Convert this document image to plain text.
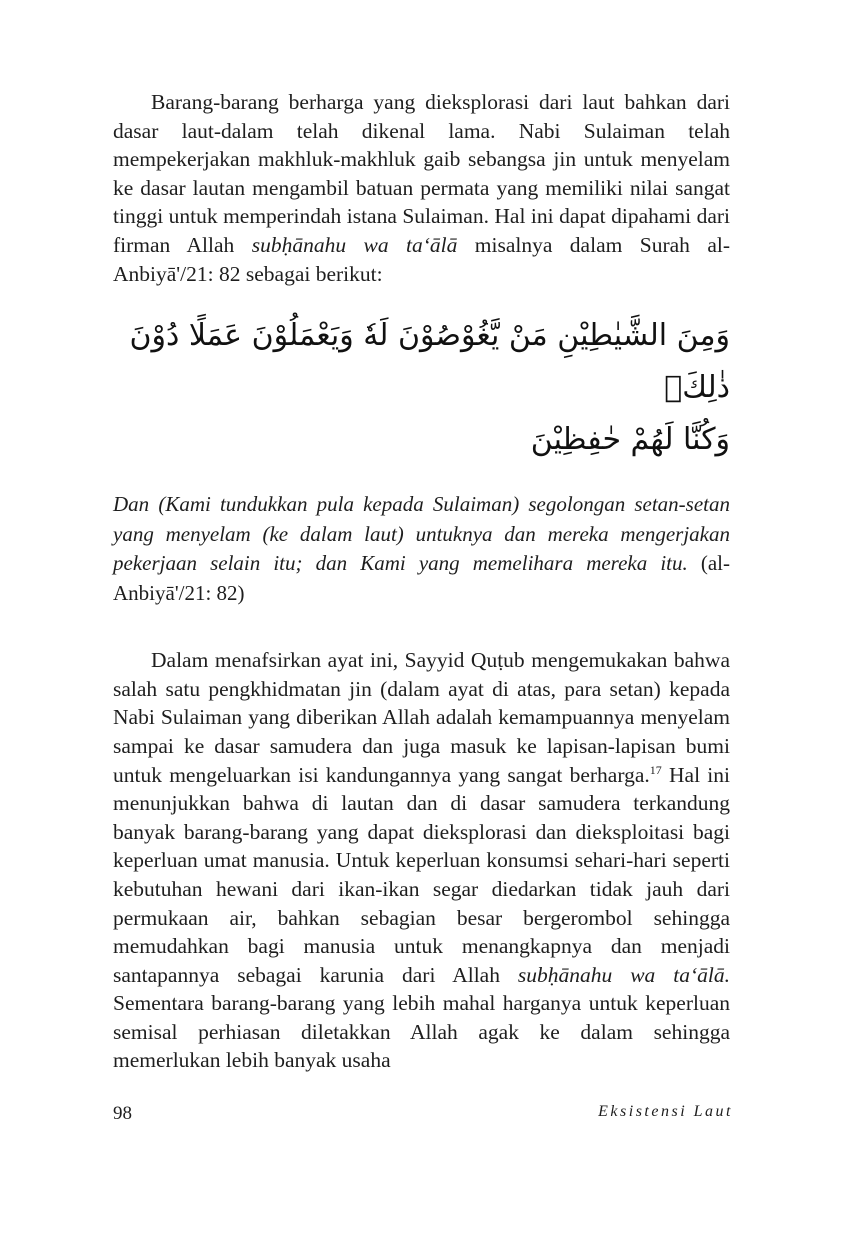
Barang-barang berharga yang dieksplorasi dari laut bahkan dari dasar laut-dalam telah dikenal lama. Nabi Sulaiman telah mempekerjakan makhluk-makhluk gaib sebangsa jin untuk menyelam ke dasar lautan mengambil batuan permata yang memiliki nilai sangat tinggi untuk memperindah istana Sulaiman. Hal ini dapat dipahami dari firman Allah subḥānahu wa ta‘ālā misalnya dalam Surah al-Anbiyā'/21: 82 sebagai berikut:

وَمِنَ الشَّيٰطِيْنِ مَنْ يَّغُوْصُوْنَ لَهٗ وَيَعْمَلُوْنَ عَمَلًا دُوْنَ ذٰلِكَۚ
وَكُنَّا لَهُمْ حٰفِظِيْنَ

Dan (Kami tundukkan pula kepada Sulaiman) segolongan setan-setan yang menyelam (ke dalam laut) untuknya dan mereka mengerjakan pekerjaan selain itu; dan Kami yang memelihara mereka itu. (al-Anbiyā'/21: 82)

Dalam menafsirkan ayat ini, Sayyid Quṭub mengemukakan bahwa salah satu pengkhidmatan jin (dalam ayat di atas, para setan) kepada Nabi Sulaiman yang diberikan Allah adalah kemampuannya menyelam sampai ke dasar samudera dan juga masuk ke lapisan-lapisan bumi untuk mengeluarkan isi kandungannya yang sangat berharga.$^{17}$ Hal ini menunjukkan bahwa di lautan dan di dasar samudera terkandung banyak barang-barang yang dapat dieksplorasi dan dieksploitasi bagi keperluan umat manusia. Untuk keperluan konsumsi sehari-hari seperti kebutuhan hewani dari ikan-ikan segar diedarkan tidak jauh dari permukaan air, bahkan sebagian besar bergerombol sehingga memudahkan bagi manusia untuk menangkapnya dan menjadi santapannya sebagai karunia dari Allah subḥānahu wa ta‘ālā. Sementara barang-barang yang lebih mahal harganya untuk keperluan semisal perhiasan diletakkan Allah agak ke dalam sehingga memerlukan lebih banyak usaha

98	Eksistensi Laut
